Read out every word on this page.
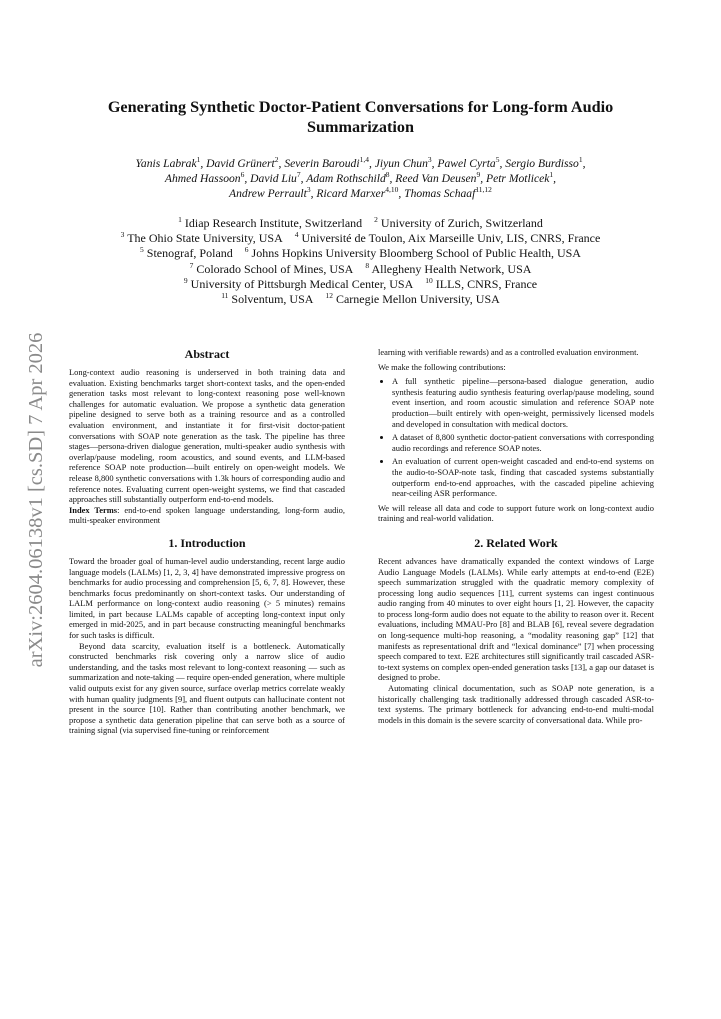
arXiv:2604.06138v1 [cs.SD] 7 Apr 2026
Generating Synthetic Doctor-Patient Conversations for Long-form Audio Summarization
Yanis Labrak$^1$, David Grünert$^2$, Severin Baroudi$^{1,4}$, Jiyun Chun$^3$, Pawel Cyrta$^5$, Sergio Burdisso$^1$,
Ahmed Hassoon$^6$, David Liu$^7$, Adam Rothschild$^8$, Reed Van Deusen$^9$, Petr Motlicek$^1$,
Andrew Perrault$^3$, Ricard Marxer$^{4,10}$, Thomas Schaaf$^{11,12}$
$^1$ Idiap Research Institute, Switzerland $^2$ University of Zurich, Switzerland
$^3$ The Ohio State University, USA $^4$ Université de Toulon, Aix Marseille Univ, LIS, CNRS, France
$^5$ Stenograf, Poland $^6$ Johns Hopkins University Bloomberg School of Public Health, USA
$^7$ Colorado School of Mines, USA $^8$ Allegheny Health Network, USA
$^9$ University of Pittsburgh Medical Center, USA $^{10}$ ILLS, CNRS, France
$^{11}$ Solventum, USA $^{12}$ Carnegie Mellon University, USA
Abstract

Long-context audio reasoning is underserved in both training data and evaluation. Existing benchmarks target short-context tasks, and the open-ended generation tasks most relevant to long-context reasoning pose well-known challenges for automatic evaluation. We propose a synthetic data generation pipeline designed to serve both as a training resource and as a controlled evaluation environment, and instantiate it for first-visit doctor-patient conversations with SOAP note generation as the task. The pipeline has three stages—persona-driven dialogue generation, multi-speaker audio synthesis with overlap/pause modeling, room acoustics, and sound events, and LLM-based reference SOAP note production—built entirely on open-weight models. We release 8,800 synthetic conversations with 1.3k hours of corresponding audio and reference notes. Evaluating current open-weight systems, we find that cascaded approaches still substantially outperform end-to-end models.

Index Terms: end-to-end spoken language understanding, long-form audio, multi-speaker environment

1. Introduction

Toward the broader goal of human-level audio understanding, recent large audio language models (LALMs) [1, 2, 3, 4] have demonstrated impressive progress on benchmarks for audio processing and comprehension [5, 6, 7, 8]. However, these benchmarks focus predominantly on short-context tasks. Our understanding of LALM performance on long-context audio reasoning (> 5 minutes) remains limited, in part because LALMs capable of accepting long-context input only emerged in mid-2025, and in part because constructing meaningful benchmarks for such tasks is difficult.

Beyond data scarcity, evaluation itself is a bottleneck. Automatically constructed benchmarks risk covering only a narrow slice of audio understanding, and the tasks most relevant to long-context reasoning — such as summarization and note-taking — require open-ended generation, where multiple valid outputs exist for any given source, surface overlap metrics correlate weakly with human quality judgments [9], and fluent outputs can hallucinate content not present in the source [10]. Rather than contributing another benchmark, we propose a synthetic data generation pipeline that can serve both as a source of training signal (via supervised fine-tuning or reinforcement

learning with verifiable rewards) and as a controlled evaluation environment.

We make the following contributions:

• A full synthetic pipeline—persona-based dialogue generation, audio synthesis featuring audio synthesis featuring overlap/pause modeling, sound event insertion, and room acoustic simulation and reference SOAP note production—built entirely with open-weight, permissively licensed models and developed in consultation with medical doctors.
• A dataset of 8,800 synthetic doctor-patient conversations with corresponding audio recordings and reference SOAP notes.
• An evaluation of current open-weight cascaded and end-to-end systems on the audio-to-SOAP-note task, finding that cascaded systems substantially outperform end-to-end approaches, with the cascaded pipeline achieving near-ceiling ASR performance.

We will release all data and code to support future work on long-context audio training and real-world validation.

2. Related Work

Recent advances have dramatically expanded the context windows of Large Audio Language Models (LALMs). While early attempts at end-to-end (E2E) speech summarization struggled with the quadratic memory complexity of processing long audio sequences [11], current systems can ingest continuous audio ranging from 40 minutes to over eight hours [1, 2]. However, the capacity to process long-form audio does not equate to the ability to reason over it. Recent evaluations, including MMAU-Pro [8] and BLAB [6], reveal severe degradation on long-sequence multi-hop reasoning, a “modality reasoning gap” [12] that manifests as representational drift and “lexical dominance” [7] when processing speech compared to text. E2E architectures still significantly trail cascaded ASR-to-text systems on complex open-ended generation tasks [13], a gap our dataset is designed to probe.

Automating clinical documentation, such as SOAP note generation, is a historically challenging task traditionally addressed through cascaded ASR-to-text systems. The primary bottleneck for advancing end-to-end multi-modal models in this domain is the severe scarcity of conversational data. While pro-
